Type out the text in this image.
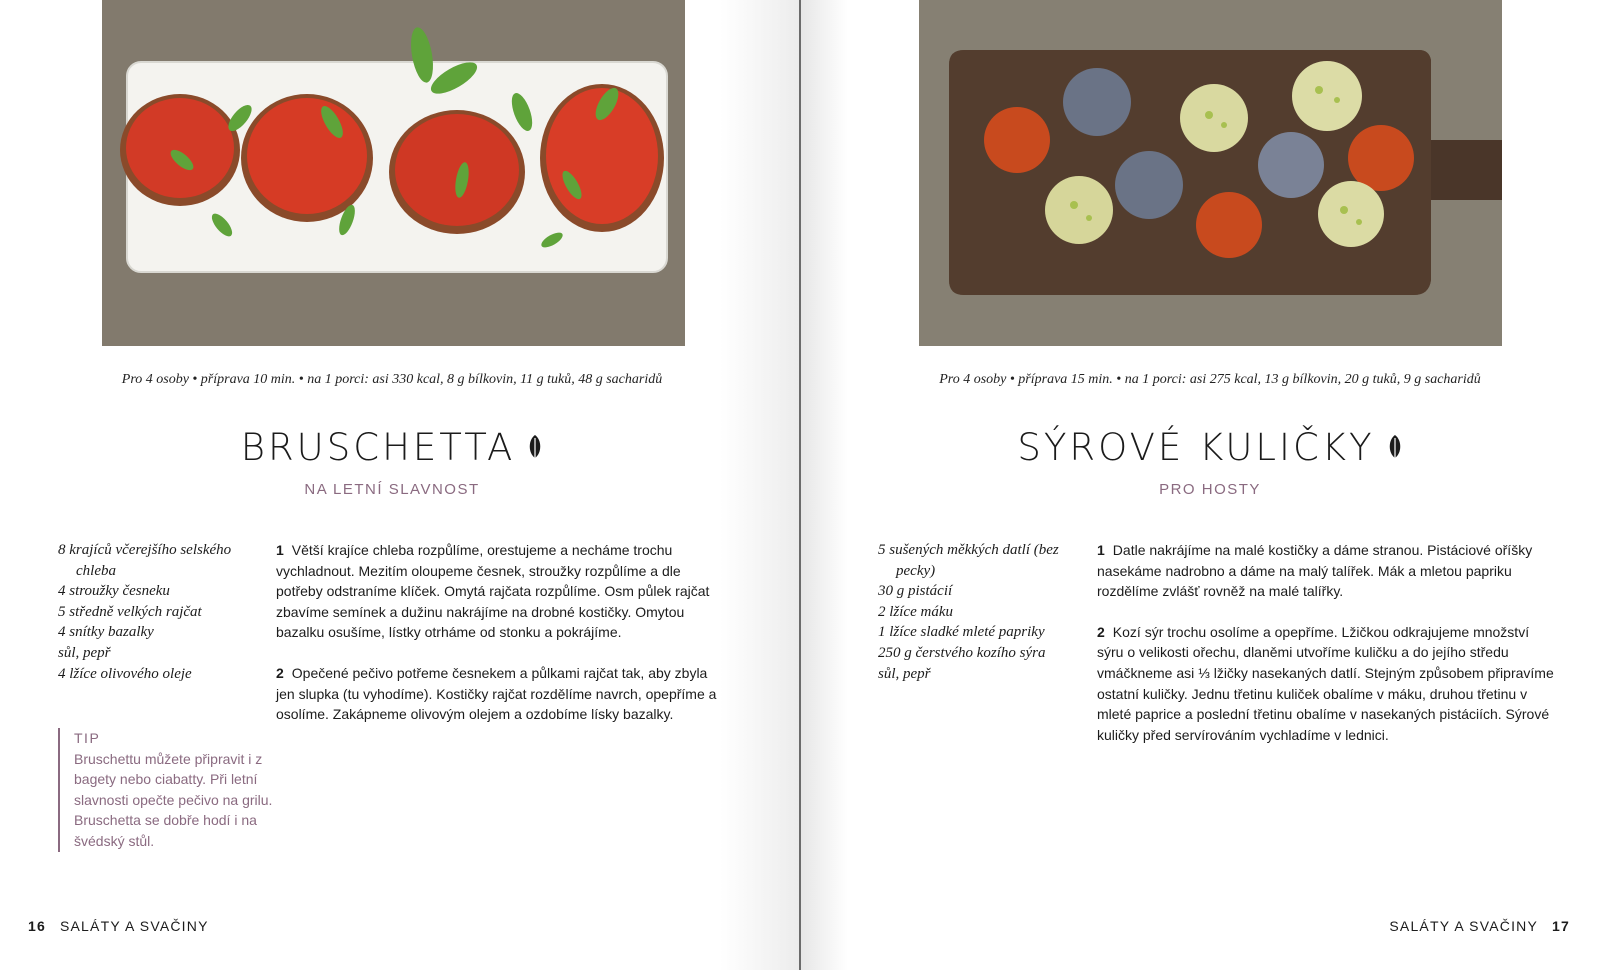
Pro 4 osoby • příprava 10 min. • na 1 porci: asi 330 kcal, 8 g bílkovin, 11 g tuků, 48 g sacharidů
BRUSCHETTA
NA LETNÍ SLAVNOST
8 krajíců včerejšího selského chleba
4 stroužky česneku
5 středně velkých rajčat
4 snítky bazalky
sůl, pepř
4 lžíce olivového oleje

1 Větší krajíce chleba rozpůlíme, orestujeme a necháme trochu vychladnout. Mezitím oloupeme česnek, stroužky rozpůlíme a dle potřeby odstraníme klíček. Omytá rajčata rozpůlíme. Osm půlek rajčat zbavíme semínek a dužinu nakrájíme na drobné kostičky. Omytou bazalku osušíme, lístky otrháme od stonku a pokrájíme.

2 Opečené pečivo potřeme česnekem a půlkami rajčat tak, aby zbyla jen slupka (tu vyhodíme). Kostičky rajčat rozdělíme navrch, opepříme a osolíme. Zakápneme olivovým olejem a ozdobíme lísky bazalky.

TIP
Bruschettu můžete připravit i z bagety nebo ciabatty. Při letní slavnosti opečte pečivo na grilu. Bruschetta se dobře hodí i na švédský stůl.
16 SALÁTY A SVAČINY
Pro 4 osoby • příprava 15 min. • na 1 porci: asi 275 kcal, 13 g bílkovin, 20 g tuků, 9 g sacharidů
SÝROVÉ KULIČKY
PRO HOSTY
5 sušených měkkých datlí (bez pecky)
30 g pistácií
2 lžíce máku
1 lžíce sladké mleté papriky
250 g čerstvého kozího sýra
sůl, pepř

1 Datle nakrájíme na malé kostičky a dáme stranou. Pistáciové oříšky nasekáme nadrobno a dáme na malý talířek. Mák a mletou papriku rozdělíme zvlášť rovněž na malé talířky.

2 Kozí sýr trochu osolíme a opepříme. Lžičkou odkrajujeme množství sýru o velikosti ořechu, dlaněmi utvoříme kuličku a do jejího středu vmáčkneme asi ⅓ lžičky nasekaných datlí. Stejným způsobem připravíme ostatní kuličky. Jednu třetinu kuliček obalíme v máku, druhou třetinu v mleté paprice a poslední třetinu obalíme v nasekaných pistáciích. Sýrové kuličky před servírováním vychladíme v lednici.

SALÁTY A SVAČINY 17
